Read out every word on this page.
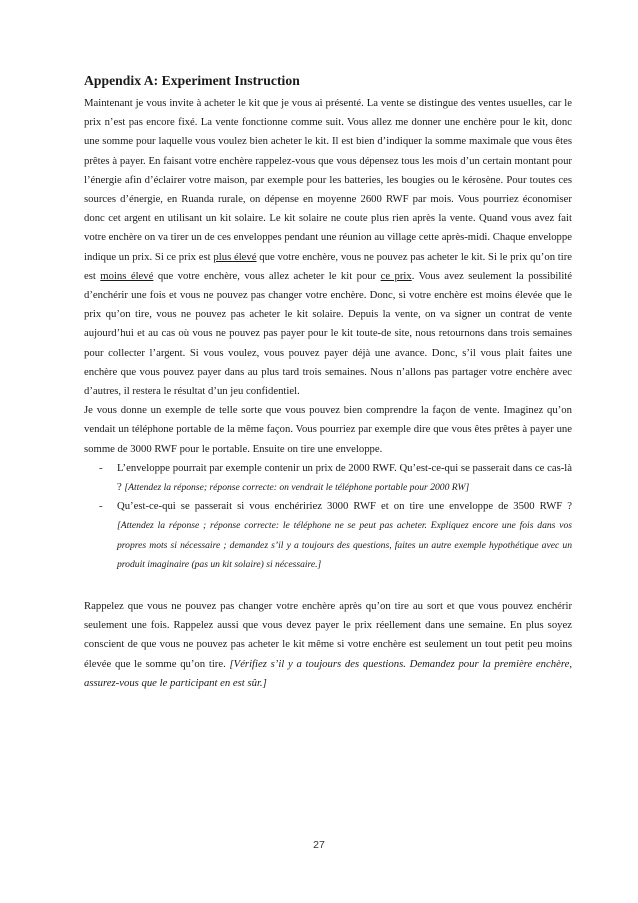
Appendix A: Experiment Instruction
Maintenant je vous invite à acheter le kit que je vous ai présenté. La vente se distingue des ventes usuelles, car le prix n’est pas encore fixé. La vente fonctionne comme suit. Vous allez me donner une enchère pour le kit, donc une somme pour laquelle vous voulez bien acheter le kit. Il est bien d’indiquer la somme maximale que vous êtes prêtes à payer. En faisant votre enchère rappelez-vous que vous dépensez tous les mois d’un certain montant pour l’énergie afin d’éclairer votre maison, par exemple pour les batteries, les bougies ou le kérosène. Pour toutes ces sources d’énergie, en Ruanda rurale, on dépense en moyenne 2600 RWF par mois. Vous pourriez économiser donc cet argent en utilisant un kit solaire. Le kit solaire ne coute plus rien après la vente. Quand vous avez fait votre enchère on va tirer un de ces enveloppes pendant une réunion au village cette après-midi. Chaque enveloppe indique un prix. Si ce prix est plus élevé que votre enchère, vous ne pouvez pas acheter le kit. Si le prix qu’on tire est moins élevé que votre enchère, vous allez acheter le kit pour ce prix. Vous avez seulement la possibilité d’enchérir une fois et vous ne pouvez pas changer votre enchère. Donc, si votre enchère est moins élevée que le prix qu’on tire, vous ne pouvez pas acheter le kit solaire. Depuis la vente, on va signer un contrat de vente aujourd’hui et au cas où vous ne pouvez pas payer pour le kit toute-de site, nous retournons dans trois semaines pour collecter l’argent. Si vous voulez, vous pouvez payer déjà une avance. Donc, s’il vous plait faites une enchère que vous pouvez payer dans au plus tard trois semaines. Nous n’allons pas partager votre enchère avec d’autres, il restera le résultat d’un jeu confidentiel.
Je vous donne un exemple de telle sorte que vous pouvez bien comprendre la façon de vente. Imaginez qu’on vendait un téléphone portable de la même façon. Vous pourriez par exemple dire que vous êtes prêtes à payer une somme de 3000 RWF pour le portable. Ensuite on tire une enveloppe.
- L’enveloppe pourrait par exemple contenir un prix de 2000 RWF. Qu’est-ce-qui se passerait dans ce cas-là ? [Attendez la réponse; réponse correcte: on vendrait le téléphone portable pour 2000 RW]
- Qu’est-ce-qui se passerait si vous enchéririez 3000 RWF et on tire une enveloppe de 3500 RWF ? [Attendez la réponse ; réponse correcte: le téléphone ne se peut pas acheter. Expliquez encore une fois dans vos propres mots si nécessaire ; demandez s’il y a toujours des questions, faites un autre exemple hypothétique avec un produit imaginaire (pas un kit solaire) si nécessaire.]
Rappelez que vous ne pouvez pas changer votre enchère après qu’on tire au sort et que vous pouvez enchérir seulement une fois. Rappelez aussi que vous devez payer le prix réellement dans une semaine. En plus soyez conscient de que vous ne pouvez pas acheter le kit même si votre enchère est seulement un tout petit peu moins élevée que le somme qu’on tire. [Vérifiez s’il y a toujours des questions. Demandez pour la première enchère, assurez-vous que le participant en est sûr.]
27
